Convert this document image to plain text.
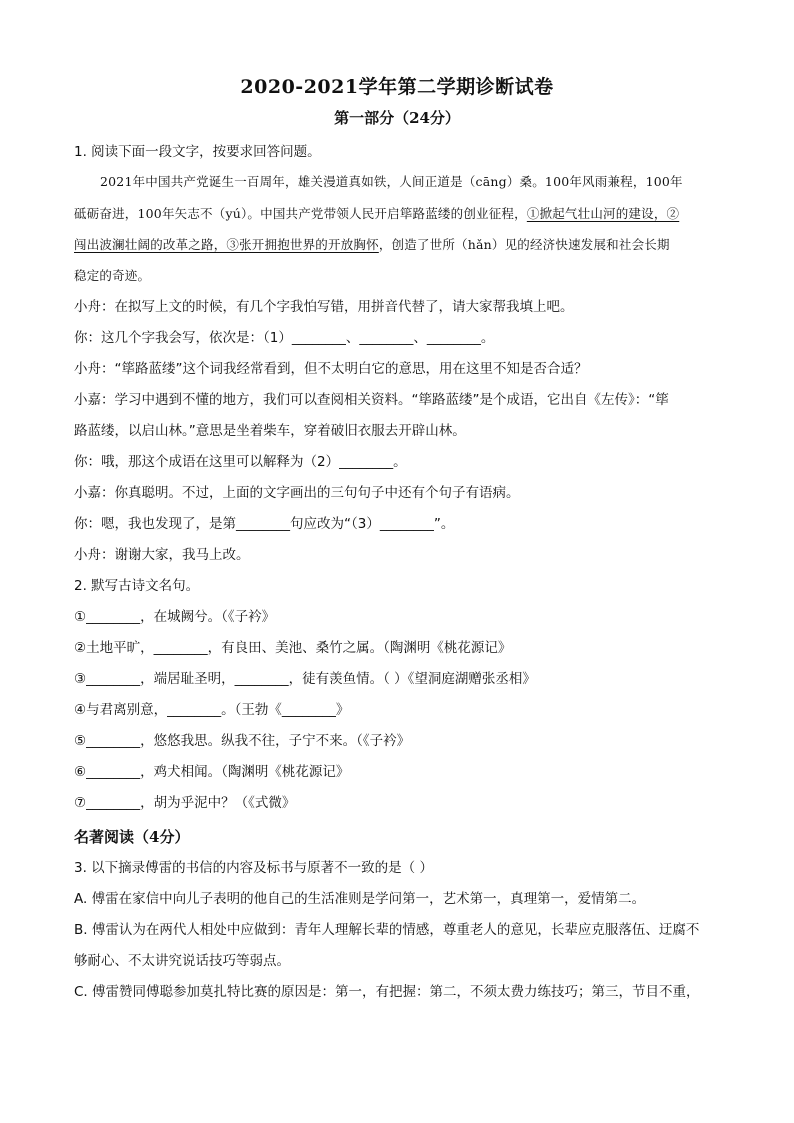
2020-2021学年第二学期诊断试卷
第一部分（24分）
1. 阅读下面一段文字，按要求回答问题。
2021年中国共产党诞生一百周年，雄关漫道真如铁，人间正道是（cāng）桑。100年风雨兼程，100年
砥砺奋进，100年矢志不（yú）。中国共产党带领人民开启筚路蓝缕的创业征程，①掀起气壮山河的建设，②
闯出波澜壮阔的改革之路，③张开拥抱世界的开放胸怀，创造了世所（hǎn）见的经济快速发展和社会长期
稳定的奇迹。
小舟：在拟写上文的时候，有几个字我怕写错，用拼音代替了，请大家帮我填上吧。
你：这几个字我会写，依次是：（1）________、________、________。
小舟：“筚路蓝缕”这个词我经常看到，但不太明白它的意思，用在这里不知是否合适？
小嘉：学习中遇到不懂的地方，我们可以查阅相关资料。“筚路蓝缕”是个成语，它出自《左传》：“筚
路蓝缕，以启山林。”意思是坐着柴车，穿着破旧衣服去开辟山林。
你：哦，那这个成语在这里可以解释为（2）________。
小嘉：你真聪明。不过，上面的文字画出的三句句子中还有个句子有语病。
你：嗯，我也发现了，是第________句应改为“（3）________”。
小舟：谢谢大家，我马上改。
2. 默写古诗文名句。
①________，在城阙兮。（《子衿》
②土地平旷，________，有良田、美池、桑竹之属。（陶渊明《桃花源记》
③________，端居耻圣明，________，徒有羡鱼情。（ ）《望洞庭湖赠张丞相》
④与君离别意，________。（王勃《________》
⑤________，悠悠我思。纵我不往，子宁不来。（《子衿》
⑥________，鸡犬相闻。（陶渊明《桃花源记》
⑦________，胡为乎泥中？（《式微》
名著阅读（4分）
3. 以下摘录傅雷的书信的内容及标书与原著不一致的是（ ）
A. 傅雷在家信中向儿子表明的他自己的生活准则是学问第一，艺术第一，真理第一，爱情第二。
B. 傅雷认为在两代人相处中应做到：青年人理解长辈的情感，尊重老人的意见，长辈应克服落伍、迂腐不
够耐心、不太讲究说话技巧等弱点。
C. 傅雷赞同傅聪参加莫扎特比赛的原因是：第一，有把握：第二，不须太费力练技巧；第三，节目不重，
